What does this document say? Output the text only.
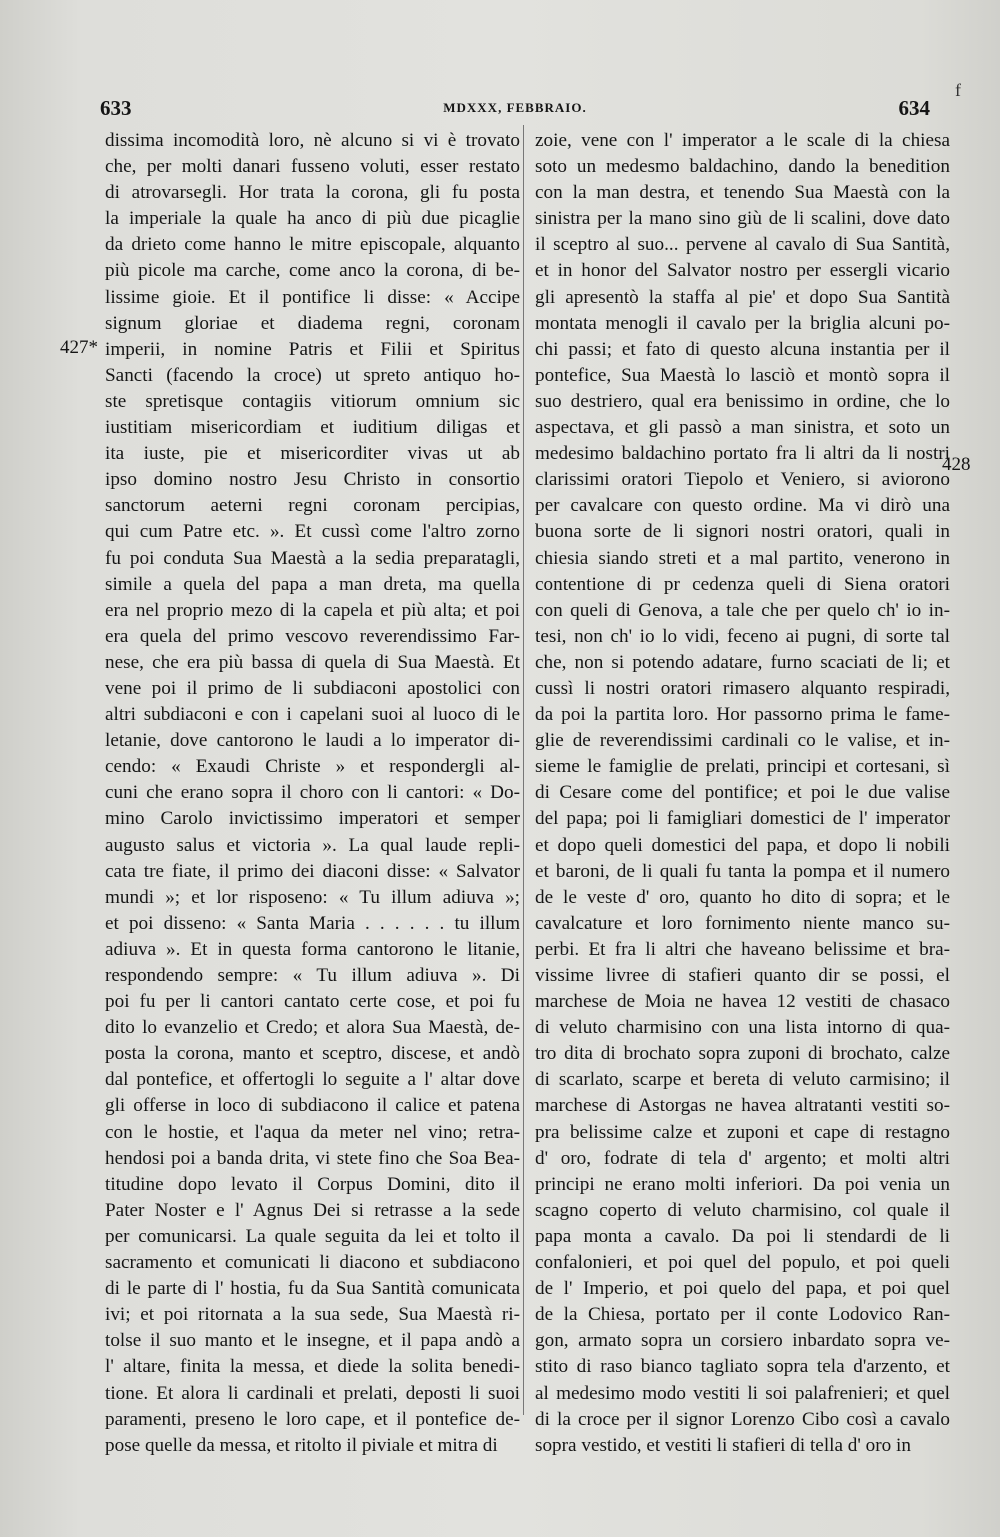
633	MDXXX, FEBBRAIO.	634
f
dissima incomodità loro, nè alcuno si vi è trovato
che, per molti danari fusseno voluti, esser restato
di atrovarsegli. Hor trata la corona, gli fu posta
la imperiale la quale ha anco di più due picaglie
da drieto come hanno le mitre episcopale, alquanto
più picole ma carche, come anco la corona, di be-
lissime gioie. Et il pontifice li disse: « Accipe
signum gloriae et diadema regni, coronam
imperii, in nomine Patris et Filii et Spiritus
Sancti (facendo la croce) ut spreto antiquo ho-
ste spretisque contagiis vitiorum omnium sic
iustitiam misericordiam et iuditium diligas et
ita iuste, pie et misericorditer vivas ut ab
ipso domino nostro Jesu Christo in consortio
sanctorum aeterni regni coronam percipias,
qui cum Patre etc. ». Et cussì come l'altro zorno
fu poi conduta Sua Maestà a la sedia preparatagli,
simile a quela del papa a man dreta, ma quella
era nel proprio mezo di la capela et più alta; et poi
era quela del primo vescovo reverendissimo Far-
nese, che era più bassa di quela di Sua Maestà. Et
vene poi il primo de li subdiaconi apostolici con
altri subdiaconi e con i capelani suoi al luoco di le
letanie, dove cantorono le laudi a lo imperator di-
cendo: « Exaudi Christe » et respondergli al-
cuni che erano sopra il choro con li cantori: « Do-
mino Carolo invictissimo imperatori et semper
augusto salus et victoria ». La qual laude repli-
cata tre fiate, il primo dei diaconi disse: « Salvator
mundi »; et lor risposeno: « Tu illum adiuva »;
et poi disseno: « Santa Maria . . . . . . tu illum
adiuva ». Et in questa forma cantorono le litanie,
respondendo sempre: « Tu illum adiuva ». Di
poi fu per li cantori cantato certe cose, et poi fu
dito lo evanzelio et Credo; et alora Sua Maestà, de-
posta la corona, manto et sceptro, discese, et andò
dal pontefice, et offertogli lo seguite a l' altar dove
gli offerse in loco di subdiacono il calice et patena
con le hostie, et l'aqua da meter nel vino; retra-
hendosi poi a banda drita, vi stete fino che Soa Bea-
titudine dopo levato il Corpus Domini, dito il
Pater Noster e l' Agnus Dei si retrasse a la sede
per comunicarsi. La quale seguita da lei et tolto il
sacramento et comunicati li diacono et subdiacono
di le parte di l' hostia, fu da Sua Santità comunicata
ivi; et poi ritornata a la sua sede, Sua Maestà ri-
tolse il suo manto et le insegne, et il papa andò a
l' altare, finita la messa, et diede la solita benedi-
tione. Et alora li cardinali et prelati, deposti li suoi
paramenti, preseno le loro cape, et il pontefice de-
pose quelle da messa, et ritolto il piviale et mitra di
zoie, vene con l' imperator a le scale di la chiesa
soto un medesmo baldachino, dando la benedition
con la man destra, et tenendo Sua Maestà con la
sinistra per la mano sino giù de li scalini, dove dato
il sceptro al suo... pervene al cavalo di Sua Santità,
et in honor del Salvator nostro per essergli vicario
gli apresentò la staffa al pie' et dopo Sua Santità
montata menogli il cavalo per la briglia alcuni po-
chi passi; et fato di questo alcuna instantia per il
pontefice, Sua Maestà lo lasciò et montò sopra il
suo destriero, qual era benissimo in ordine, che lo
aspectava, et gli passò a man sinistra, et soto un
medesimo baldachino portato fra li altri da li nostri
clarissimi oratori Tiepolo et Veniero, si aviorono
per cavalcare con questo ordine. Ma vi dirò una
buona sorte de li signori nostri oratori, quali in
chiesia siando streti et a mal partito, venerono in
contentione di pr cedenza queli di Siena oratori
con queli di Genova, a tale che per quelo ch' io in-
tesi, non ch' io lo vidi, feceno ai pugni, di sorte tal
che, non si potendo adatare, furno scaciati de li; et
cussì li nostri oratori rimasero alquanto respiradi,
da poi la partita loro. Hor passorno prima le fame-
glie de reverendissimi cardinali co le valise, et in-
sieme le famiglie de prelati, principi et cortesani, sì
di Cesare come del pontifice; et poi le due valise
del papa; poi li famigliari domestici de l' imperator
et dopo queli domestici del papa, et dopo li nobili
et baroni, de li quali fu tanta la pompa et il numero
de le veste d' oro, quanto ho dito di sopra; et le
cavalcature et loro fornimento niente manco su-
perbi. Et fra li altri che haveano belissime et bra-
vissime livree di stafieri quanto dir se possi, el
marchese de Moia ne havea 12 vestiti de chasaco
di veluto charmisino con una lista intorno di qua-
tro dita di brochato sopra zuponi di brochato, calze
di scarlato, scarpe et bereta di veluto carmisino; il
marchese di Astorgas ne havea altratanti vestiti so-
pra belissime calze et zuponi et cape di restagno
d' oro, fodrate di tela d' argento; et molti altri
principi ne erano molti inferiori. Da poi venia un
scagno coperto di veluto charmisino, col quale il
papa monta a cavalo. Da poi li stendardi de li
confalonieri, et poi quel del populo, et poi queli
de l' Imperio, et poi quelo del papa, et poi quel
de la Chiesa, portato per il conte Lodovico Ran-
gon, armato sopra un corsiero inbardato sopra ve-
stito di raso bianco tagliato sopra tela d'arzento, et
al medesimo modo vestiti li soi palafrenieri; et quel
di la croce per il signor Lorenzo Cibo così a cavalo
sopra vestido, et vestiti li stafieri di tella d' oro in
427*
428
